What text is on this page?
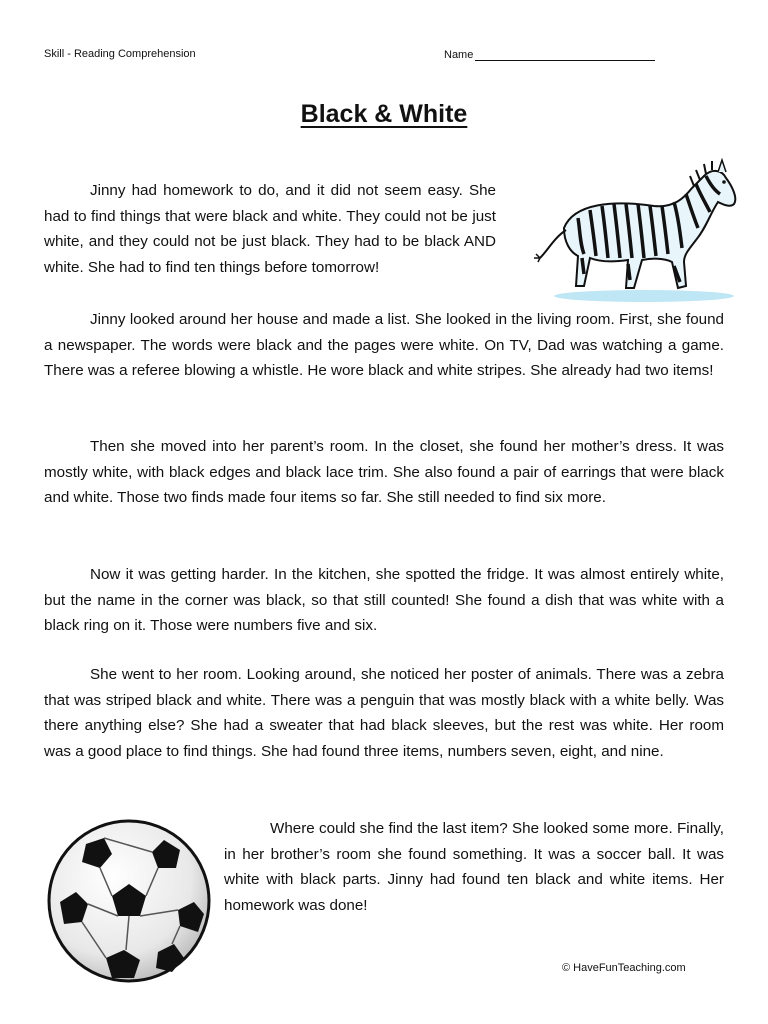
Skill - Reading Comprehension	Name
Black & White

Jinny had homework to do, and it did not seem easy. She had to find things that were black and white. They could not be just white, and they could not be just black. They had to be black AND white. She had to find ten things before tomorrow!

Jinny looked around her house and made a list. She looked in the living room. First, she found a newspaper. The words were black and the pages were white. On TV, Dad was watching a game. There was a referee blowing a whistle. He wore black and white stripes. She already had two items!

Then she moved into her parent’s room. In the closet, she found her mother’s dress. It was mostly white, with black edges and black lace trim. She also found a pair of earrings that were black and white. Those two finds made four items so far. She still needed to find six more.

Now it was getting harder. In the kitchen, she spotted the fridge. It was almost entirely white, but the name in the corner was black, so that still counted! She found a dish that was white with a black ring on it. Those were numbers five and six.

She went to her room. Looking around, she noticed her poster of animals. There was a zebra that was striped black and white. There was a penguin that was mostly black with a white belly. Was there anything else? She had a sweater that had black sleeves, but the rest was white. Her room was a good place to find things. She had found three items, numbers seven, eight, and nine.

Where could she find the last item? She looked some more. Finally, in her brother’s room she found something. It was a soccer ball. It was white with black parts. Jinny had found ten black and white items. Her homework was done!

© HaveFunTeaching.com
